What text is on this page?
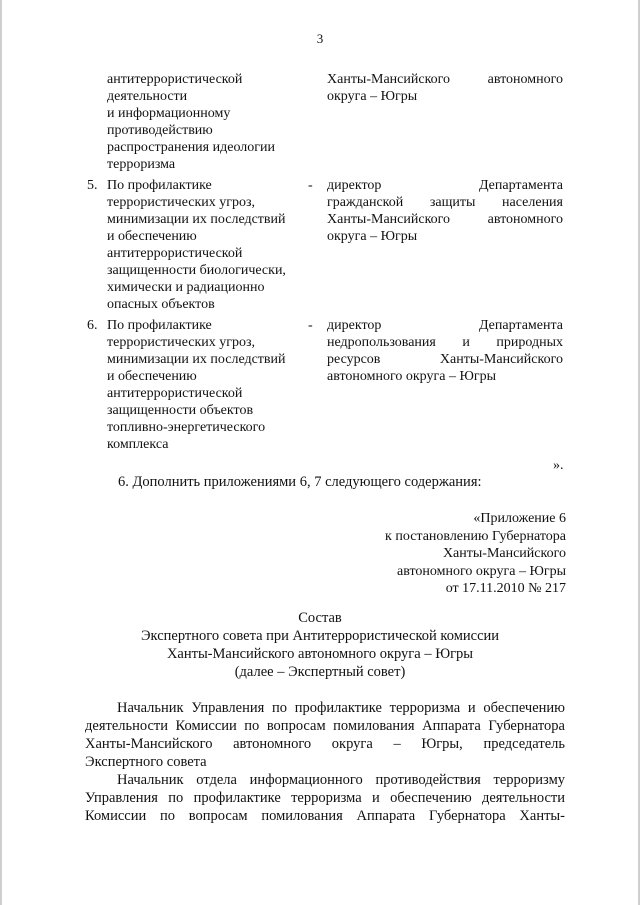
3
антитеррористической
деятельности
и информационному
противодействию
распространения идеологии
терроризма
Ханты-Мансийского автономного
округа – Югры
5. По профилактике
террористических угроз,
минимизации их последствий
и обеспечению
антитеррористической
защищенности биологически,
химически и радиационно
опасных объектов
- директор Департамента
гражданской защиты населения
Ханты-Мансийского автономного
округа – Югры
6. По профилактике
террористических угроз,
минимизации их последствий
и обеспечению
антитеррористической
защищенности объектов
топливно-энергетического
комплекса
- директор Департамента
недропользования и природных
ресурсов Ханты-Мансийского
автономного округа – Югры
».
6. Дополнить приложениями 6, 7 следующего содержания:
«Приложение 6
к постановлению Губернатора
Ханты-Мансийского
автономного округа – Югры
от 17.11.2010 № 217
Состав
Экспертного совета при Антитеррористической комиссии
Ханты-Мансийского автономного округа – Югры
(далее – Экспертный совет)
Начальник Управления по профилактике терроризма и обеспечению
деятельности Комиссии по вопросам помилования Аппарата Губернатора
Ханты-Мансийского автономного округа – Югры, председатель
Экспертного совета
Начальник отдела информационного противодействия терроризму
Управления по профилактике терроризма и обеспечению деятельности
Комиссии по вопросам помилования Аппарата Губернатора Ханты-
